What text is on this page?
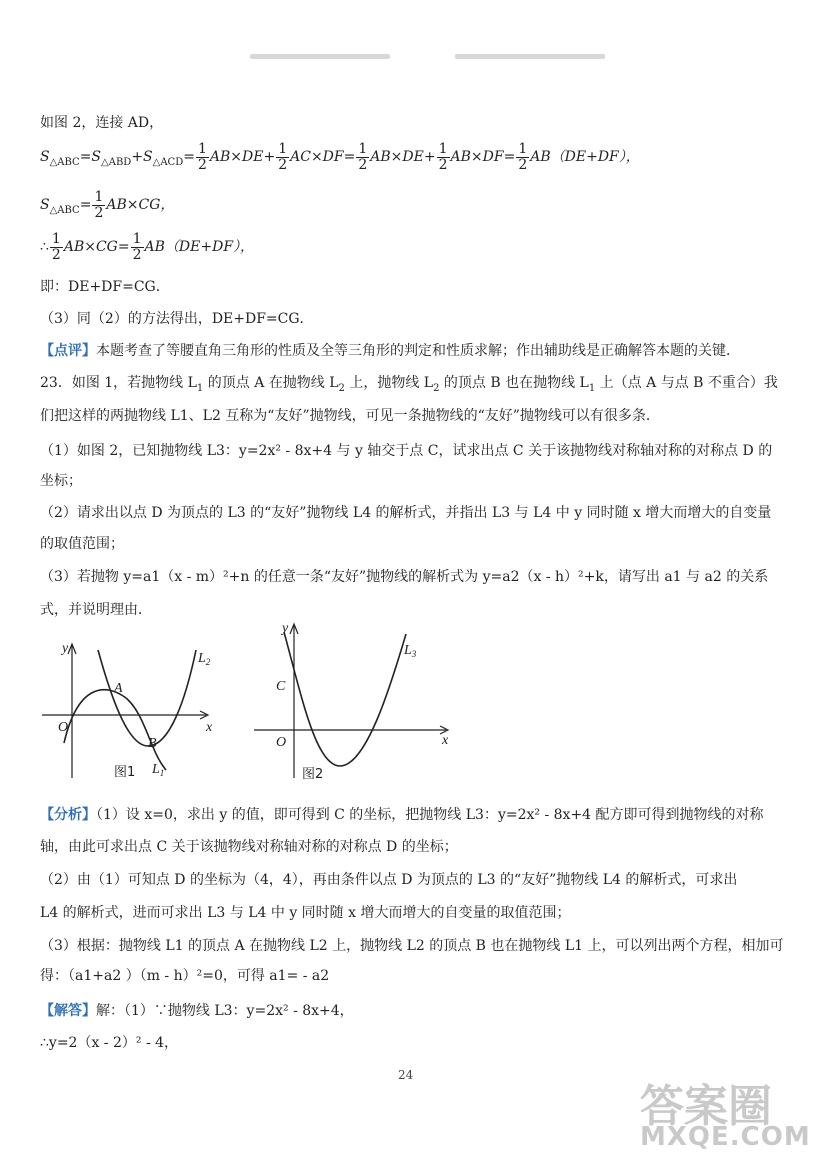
如图 2，连接 AD，
$S_{\triangle ABC}=S_{\triangle ABD}+S_{\triangle ACD}= \frac{1}{2} AB\times DE+ \frac{1}{2} AC\times DF= \frac{1}{2} AB\times DE+ \frac{1}{2} AB\times DF= \frac{1}{2} AB(DE+DF)$，
$S_{\triangle ABC}= \frac{1}{2} AB\times CG$，
∴ $\frac{1}{2} AB\times CG= \frac{1}{2} AB(DE+DF)$，
即：DE+DF=CG．
（3）同（2）的方法得出，DE+DF=CG．
【点评】本题考查了等腰直角三角形的性质及全等三角形的判定和性质求解；作出辅助线是正确解答本题的关键．
23．如图 1，若抛物线 $L_1$ 的顶点 A 在抛物线 $L_2$ 上，抛物线 $L_2$ 的顶点 B 也在抛物线 $L_1$ 上（点 A 与点 B 不重合）我
们把这样的两抛物线 L1、L2 互称为“友好”抛物线，可见一条抛物线的“友好”抛物线可以有很多条．
（1）如图 2，已知抛物线 L3：y=2x² - 8x+4 与 y 轴交于点 C，试求出点 C 关于该抛物线对称轴对称的对称点 D 的
坐标；
（2）请求出以点 D 为顶点的 L3 的“友好”抛物线 L4 的解析式，并指出 L3 与 L4 中 y 同时随 x 增大而增大的自变量
的取值范围；
（3）若抛物 y=a1（x - m）²+n 的任意一条“友好”抛物线的解析式为 y=a2（x - h）²+k，请写出 a1 与 a2 的关系
式，并说明理由．
y
x
O
A
B
$L_2$
$L_1$
图1
y
x
O
C
$L_3$
图2
【分析】（1）设 x=0，求出 y 的值，即可得到 C 的坐标，把抛物线 L3：y=2x² - 8x+4 配方即可得到抛物线的对称
轴，由此可求出点 C 关于该抛物线对称轴对称的对称点 D 的坐标；
（2）由（1）可知点 D 的坐标为（4，4），再由条件以点 D 为顶点的 L3 的“友好”抛物线 L4 的解析式，可求出
L4 的解析式，进而可求出 L3 与 L4 中 y 同时随 x 增大而增大的自变量的取值范围；
（3）根据：抛物线 L1 的顶点 A 在抛物线 L2 上，抛物线 L2 的顶点 B 也在抛物线 L1 上，可以列出两个方程，相加可
得：（a1+a2 ）（m - h）²=0，可得 a1= - a2
【解答】解：（1）∵抛物线 L3：y=2x² - 8x+4，
∴y=2（x - 2）² - 4，
24
答案圈
MXQE.COM
